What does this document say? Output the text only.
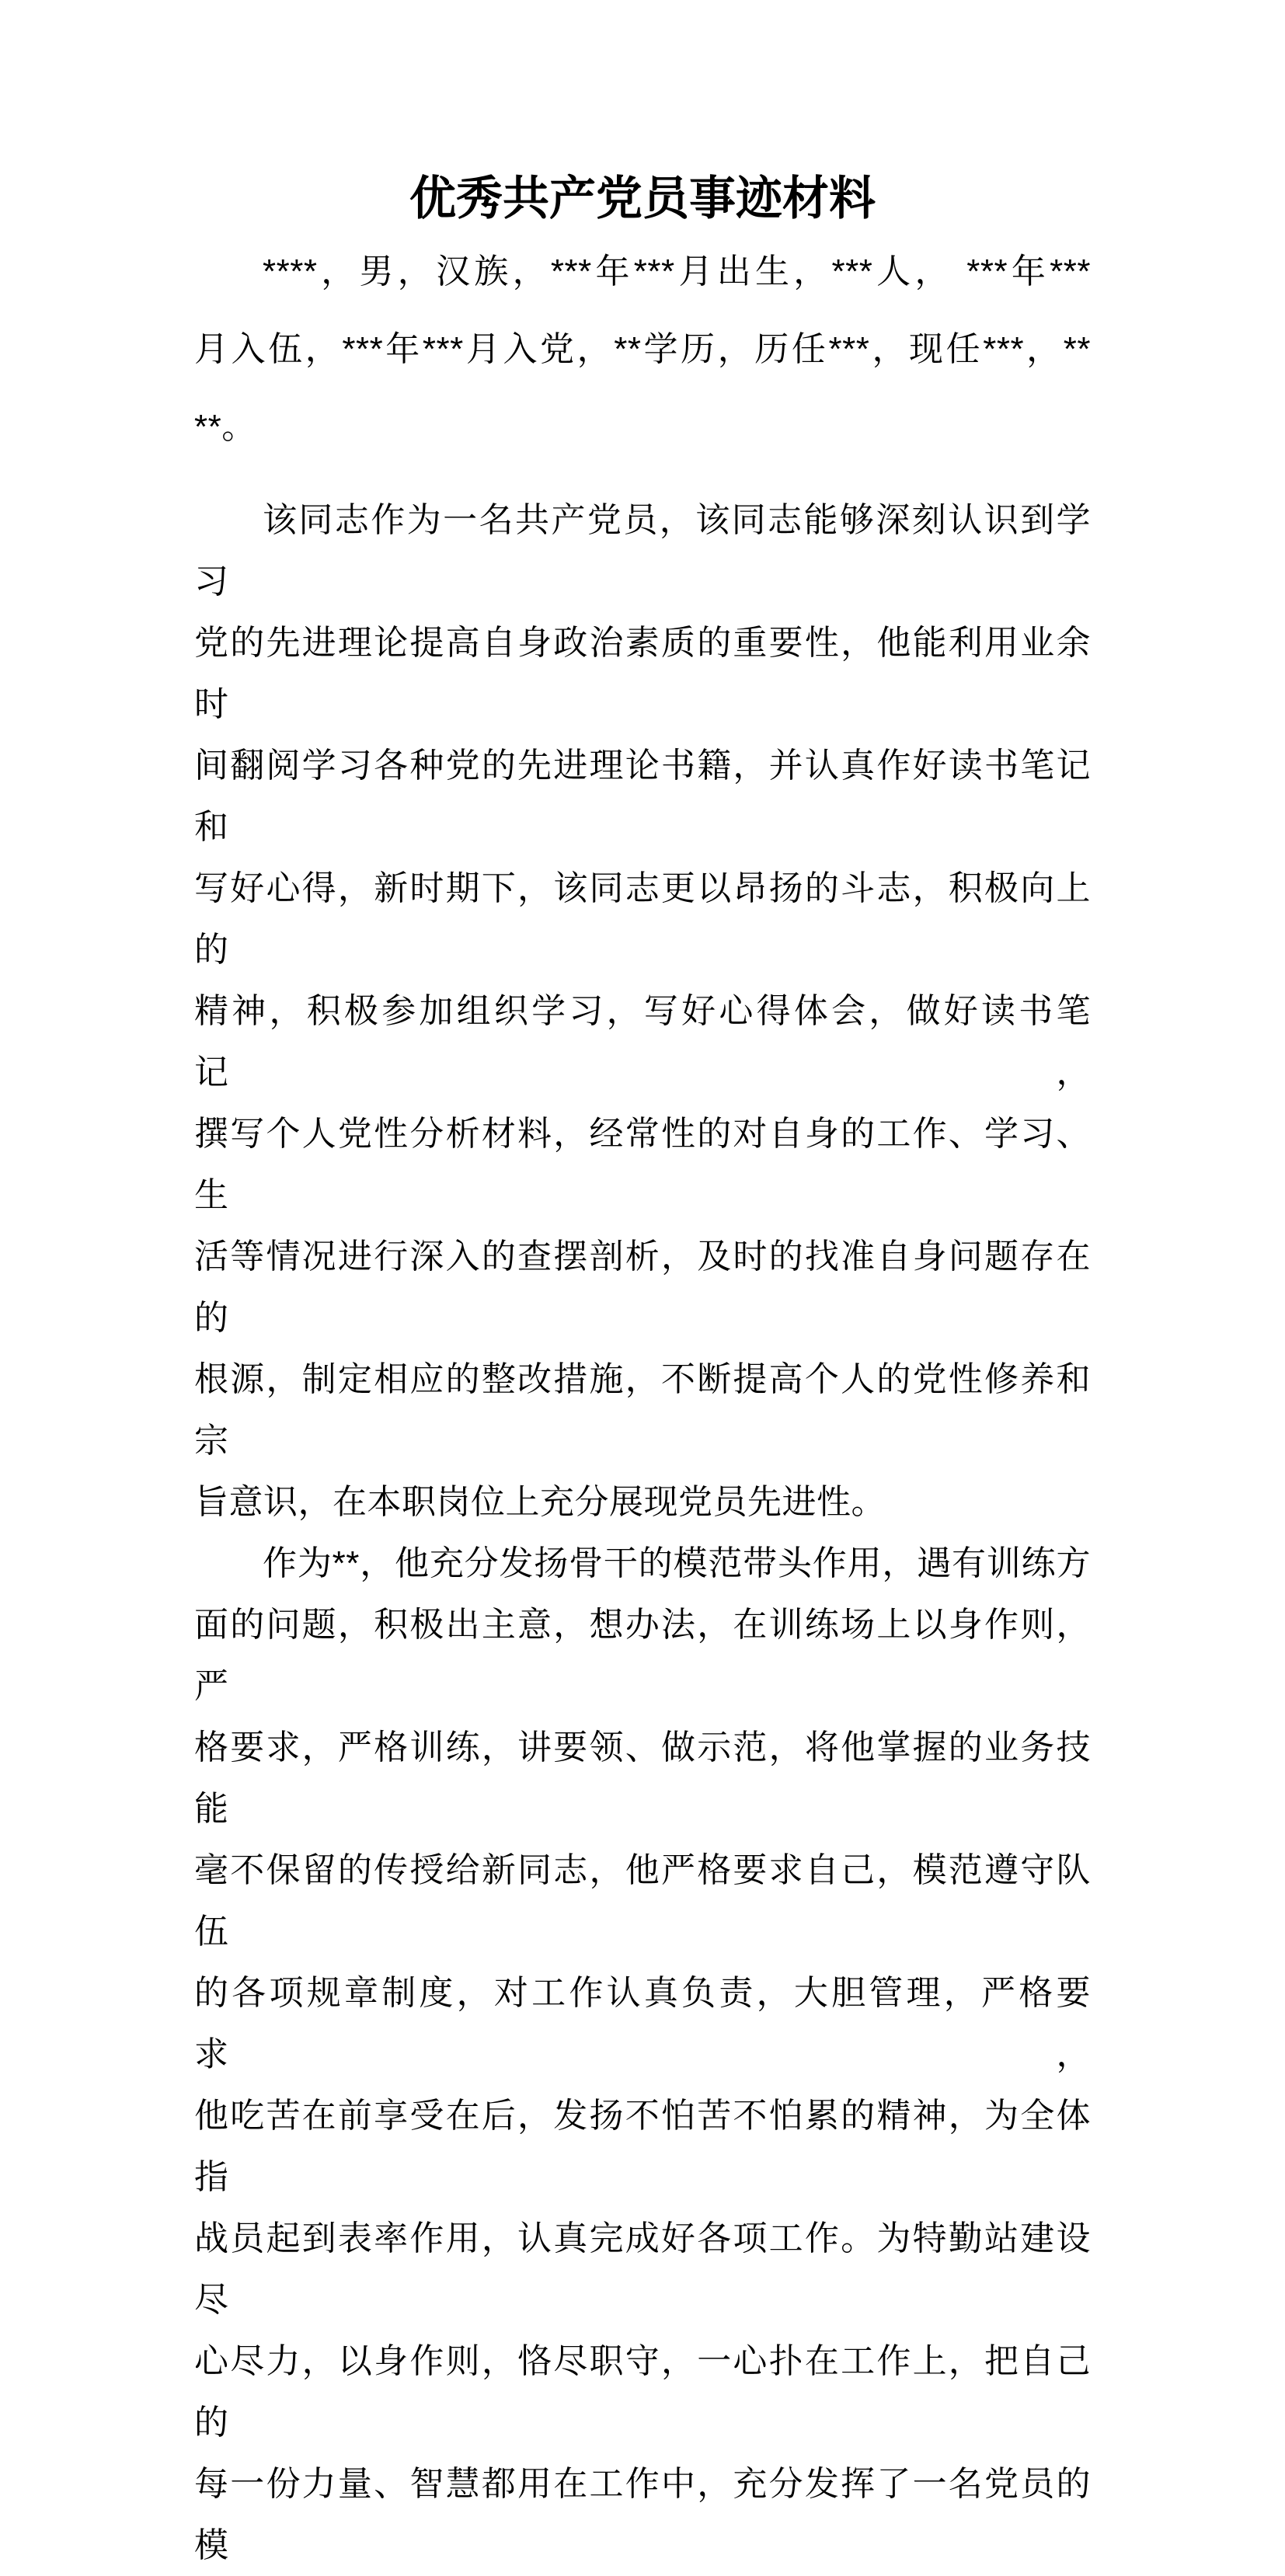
优秀共产党员事迹材料
****，男，汉族，***年***月出生，***人， ***年***
月入伍，***年***月入党，**学历，历任***，现任***，**
**。
该同志作为一名共产党员，该同志能够深刻认识到学习
党的先进理论提高自身政治素质的重要性，他能利用业余时
间翻阅学习各种党的先进理论书籍，并认真作好读书笔记和
写好心得，新时期下，该同志更以昂扬的斗志，积极向上的
精神，积极参加组织学习，写好心得体会，做好读书笔记，
撰写个人党性分析材料，经常性的对自身的工作、学习、生
活等情况进行深入的查摆剖析，及时的找准自身问题存在的
根源，制定相应的整改措施，不断提高个人的党性修养和宗
旨意识，在本职岗位上充分展现党员先进性。
作为**，他充分发扬骨干的模范带头作用，遇有训练方
面的问题，积极出主意，想办法，在训练场上以身作则，严
格要求，严格训练，讲要领、做示范，将他掌握的业务技能
毫不保留的传授给新同志，他严格要求自己，模范遵守队伍
的各项规章制度，对工作认真负责，大胆管理，严格要求，
他吃苦在前享受在后，发扬不怕苦不怕累的精神，为全体指
战员起到表率作用，认真完成好各项工作。为特勤站建设尽
心尽力，以身作则，恪尽职守，一心扑在工作上，把自己的
每一份力量、智慧都用在工作中，充分发挥了一名党员的模
